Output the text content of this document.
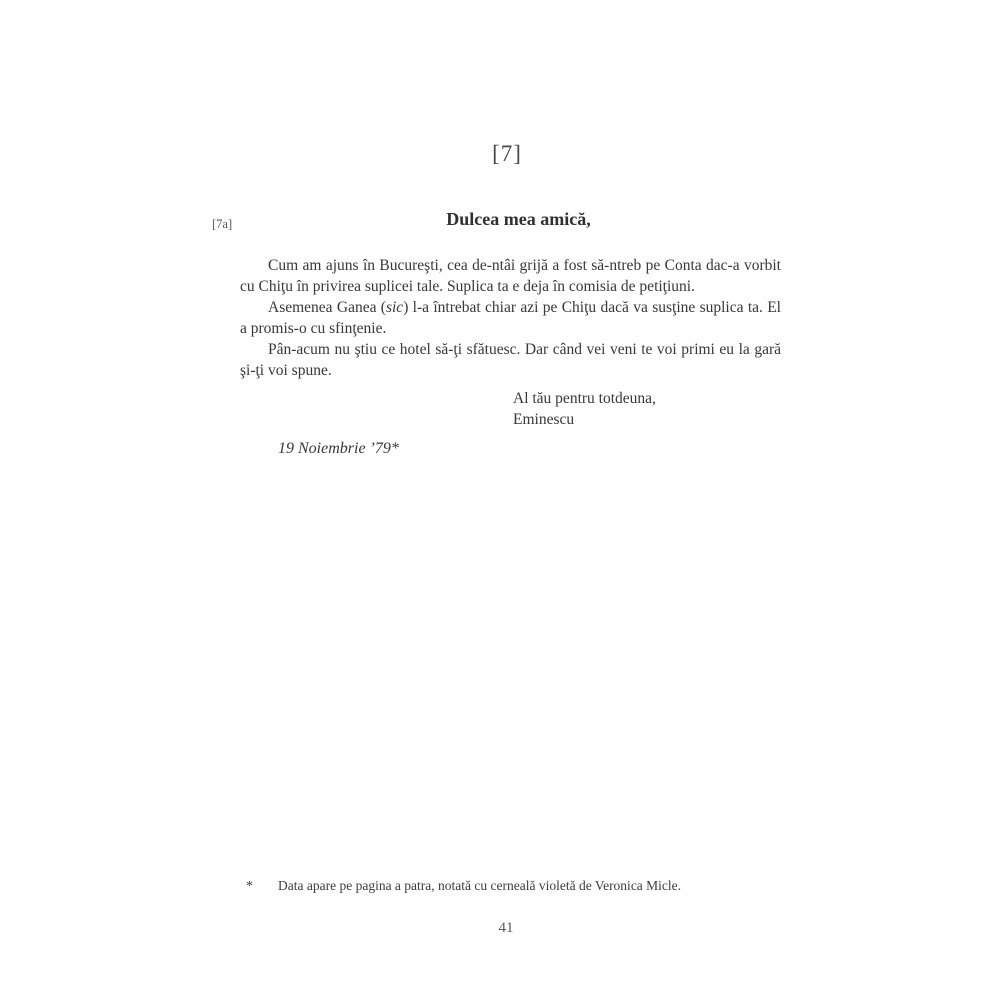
[7]
[7a]	Dulcea mea amică,

Cum am ajuns în Bucureşti, cea de-ntâi grijă a fost să-ntreb pe Conta dac-a vorbit cu Chiţu în privirea suplicei tale. Suplica ta e deja în comisia de petiţiuni.

Asemenea Ganea (sic) l-a întrebat chiar azi pe Chiţu dacă va susţine suplica ta. El a promis-o cu sfinţenie.

Pân-acum nu ştiu ce hotel să-ţi sfătuesc. Dar când vei veni te voi primi eu la gară şi-ţi voi spune.

Al tău pentru totdeuna,
Eminescu
19 Noiembrie ’79*
* Data apare pe pagina a patra, notată cu cerneală violetă de Veronica Micle.
41
